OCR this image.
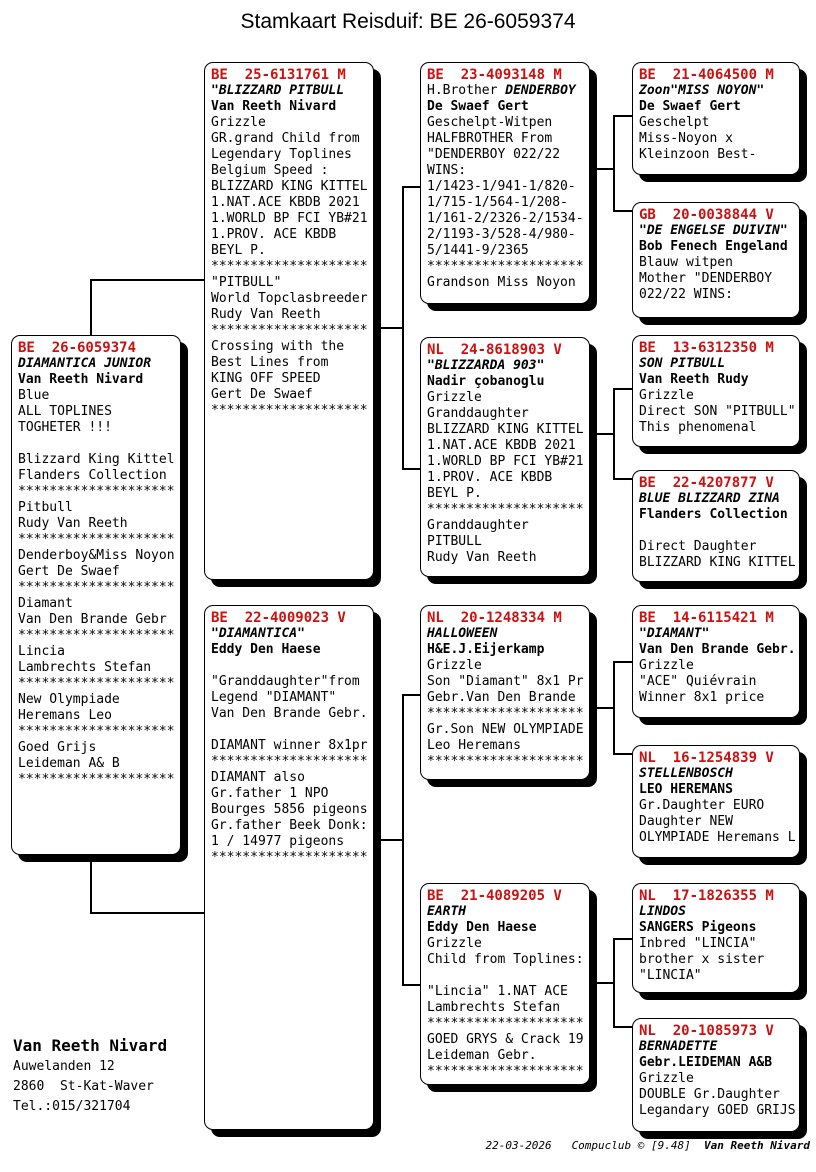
Stamkaart Reisduif: BE 26-6059374
BE  26-6059374
DIAMANTICA JUNIOR
Van Reeth Nivard
Blue
ALL TOPLINES
TOGHETER !!!

Blizzard King Kittel
Flanders Collection
********************
Pitbull
Rudy Van Reeth
********************
Denderboy&Miss Noyon
Gert De Swaef
********************
Diamant
Van Den Brande Gebr
********************
Lincia
Lambrechts Stefan
********************
New Olympiade
Heremans Leo
********************
Goed Grijs
Leideman A& B
********************
BE  25-6131761 M
"BLIZZARD PITBULL
Van Reeth Nivard
Grizzle
GR.grand Child from
Legendary Toplines
Belgium Speed :
BLIZZARD KING KITTEL
1.NAT.ACE KBDB 2021
1.WORLD BP FCI YB#21
1.PROV. ACE KBDB
BEYL P.
********************
"PITBULL"
World Topclasbreeder
Rudy Van Reeth
********************
Crossing with the
Best Lines from
KING OFF SPEED
Gert De Swaef
********************
BE  22-4009023 V
"DIAMANTICA"
Eddy Den Haese

"Granddaughter"from
Legend "DIAMANT"
Van Den Brande Gebr.

DIAMANT winner 8x1pr
********************
DIAMANT also
Gr.father 1 NPO
Bourges 5856 pigeons
Gr.father Beek Donk:
1 / 14977 pigeons
********************
BE  23-4093148 M
H.Brother DENDERBOY
De Swaef Gert
Geschelpt-Witpen
HALFBROTHER From
"DENDERBOY 022/22
WINS:
1/1423-1/941-1/820-
1/715-1/564-1/208-
1/161-2/2326-2/1534-
2/1193-3/528-4/980-
5/1441-9/2365
********************
Grandson Miss Noyon
NL  24-8618903 V
"BLIZZARDA 903"
Nadir çobanoglu
Grizzle
Granddaughter
BLIZZARD KING KITTEL
1.NAT.ACE KBDB 2021
1.WORLD BP FCI YB#21
1.PROV. ACE KBDB
BEYL P.
********************
Granddaughter
PITBULL
Rudy Van Reeth
NL  20-1248334 M
HALLOWEEN
H&E.J.Eijerkamp
Grizzle
Son "Diamant" 8x1 Pr
Gebr.Van Den Brande
********************
Gr.Son NEW OLYMPIADE
Leo Heremans
********************
BE  21-4089205 V
EARTH
Eddy Den Haese
Grizzle
Child from Toplines:

"Lincia" 1.NAT ACE
Lambrechts Stefan
********************
GOED GRYS & Crack 19
Leideman Gebr.
********************
BE  21-4064500 M
Zoon"MISS NOYON"
De Swaef Gert
Geschelpt
Miss-Noyon x
Kleinzoon Best-
GB  20-0038844 V
"DE ENGELSE DUIVIN"
Bob Fenech Engeland
Blauw witpen
Mother "DENDERBOY
022/22 WINS:
BE  13-6312350 M
SON PITBULL
Van Reeth Rudy
Grizzle
Direct SON "PITBULL"
This phenomenal
BE  22-4207877 V
BLUE BLIZZARD ZINA
Flanders Collection

Direct Daughter
BLIZZARD KING KITTEL
BE  14-6115421 M
"DIAMANT"
Van Den Brande Gebr.
Grizzle
"ACE" Quiévrain
Winner 8x1 price
NL  16-1254839 V
STELLENBOSCH
LEO HEREMANS
Gr.Daughter EURO
Daughter NEW
OLYMPIADE Heremans L
NL  17-1826355 M
LINDOS
SANGERS Pigeons
Inbred "LINCIA"
brother x sister
"LINCIA"
NL  20-1085973 V
BERNADETTE
Gebr.LEIDEMAN A&B
Grizzle
DOUBLE Gr.Daughter
Legandary GOED GRIJS
Van Reeth Nivard
Auwelanden 12
2860  St-Kat-Waver
Tel.:015/321704
22-03-2026 Compuclub © [9.48] Van Reeth Nivard
